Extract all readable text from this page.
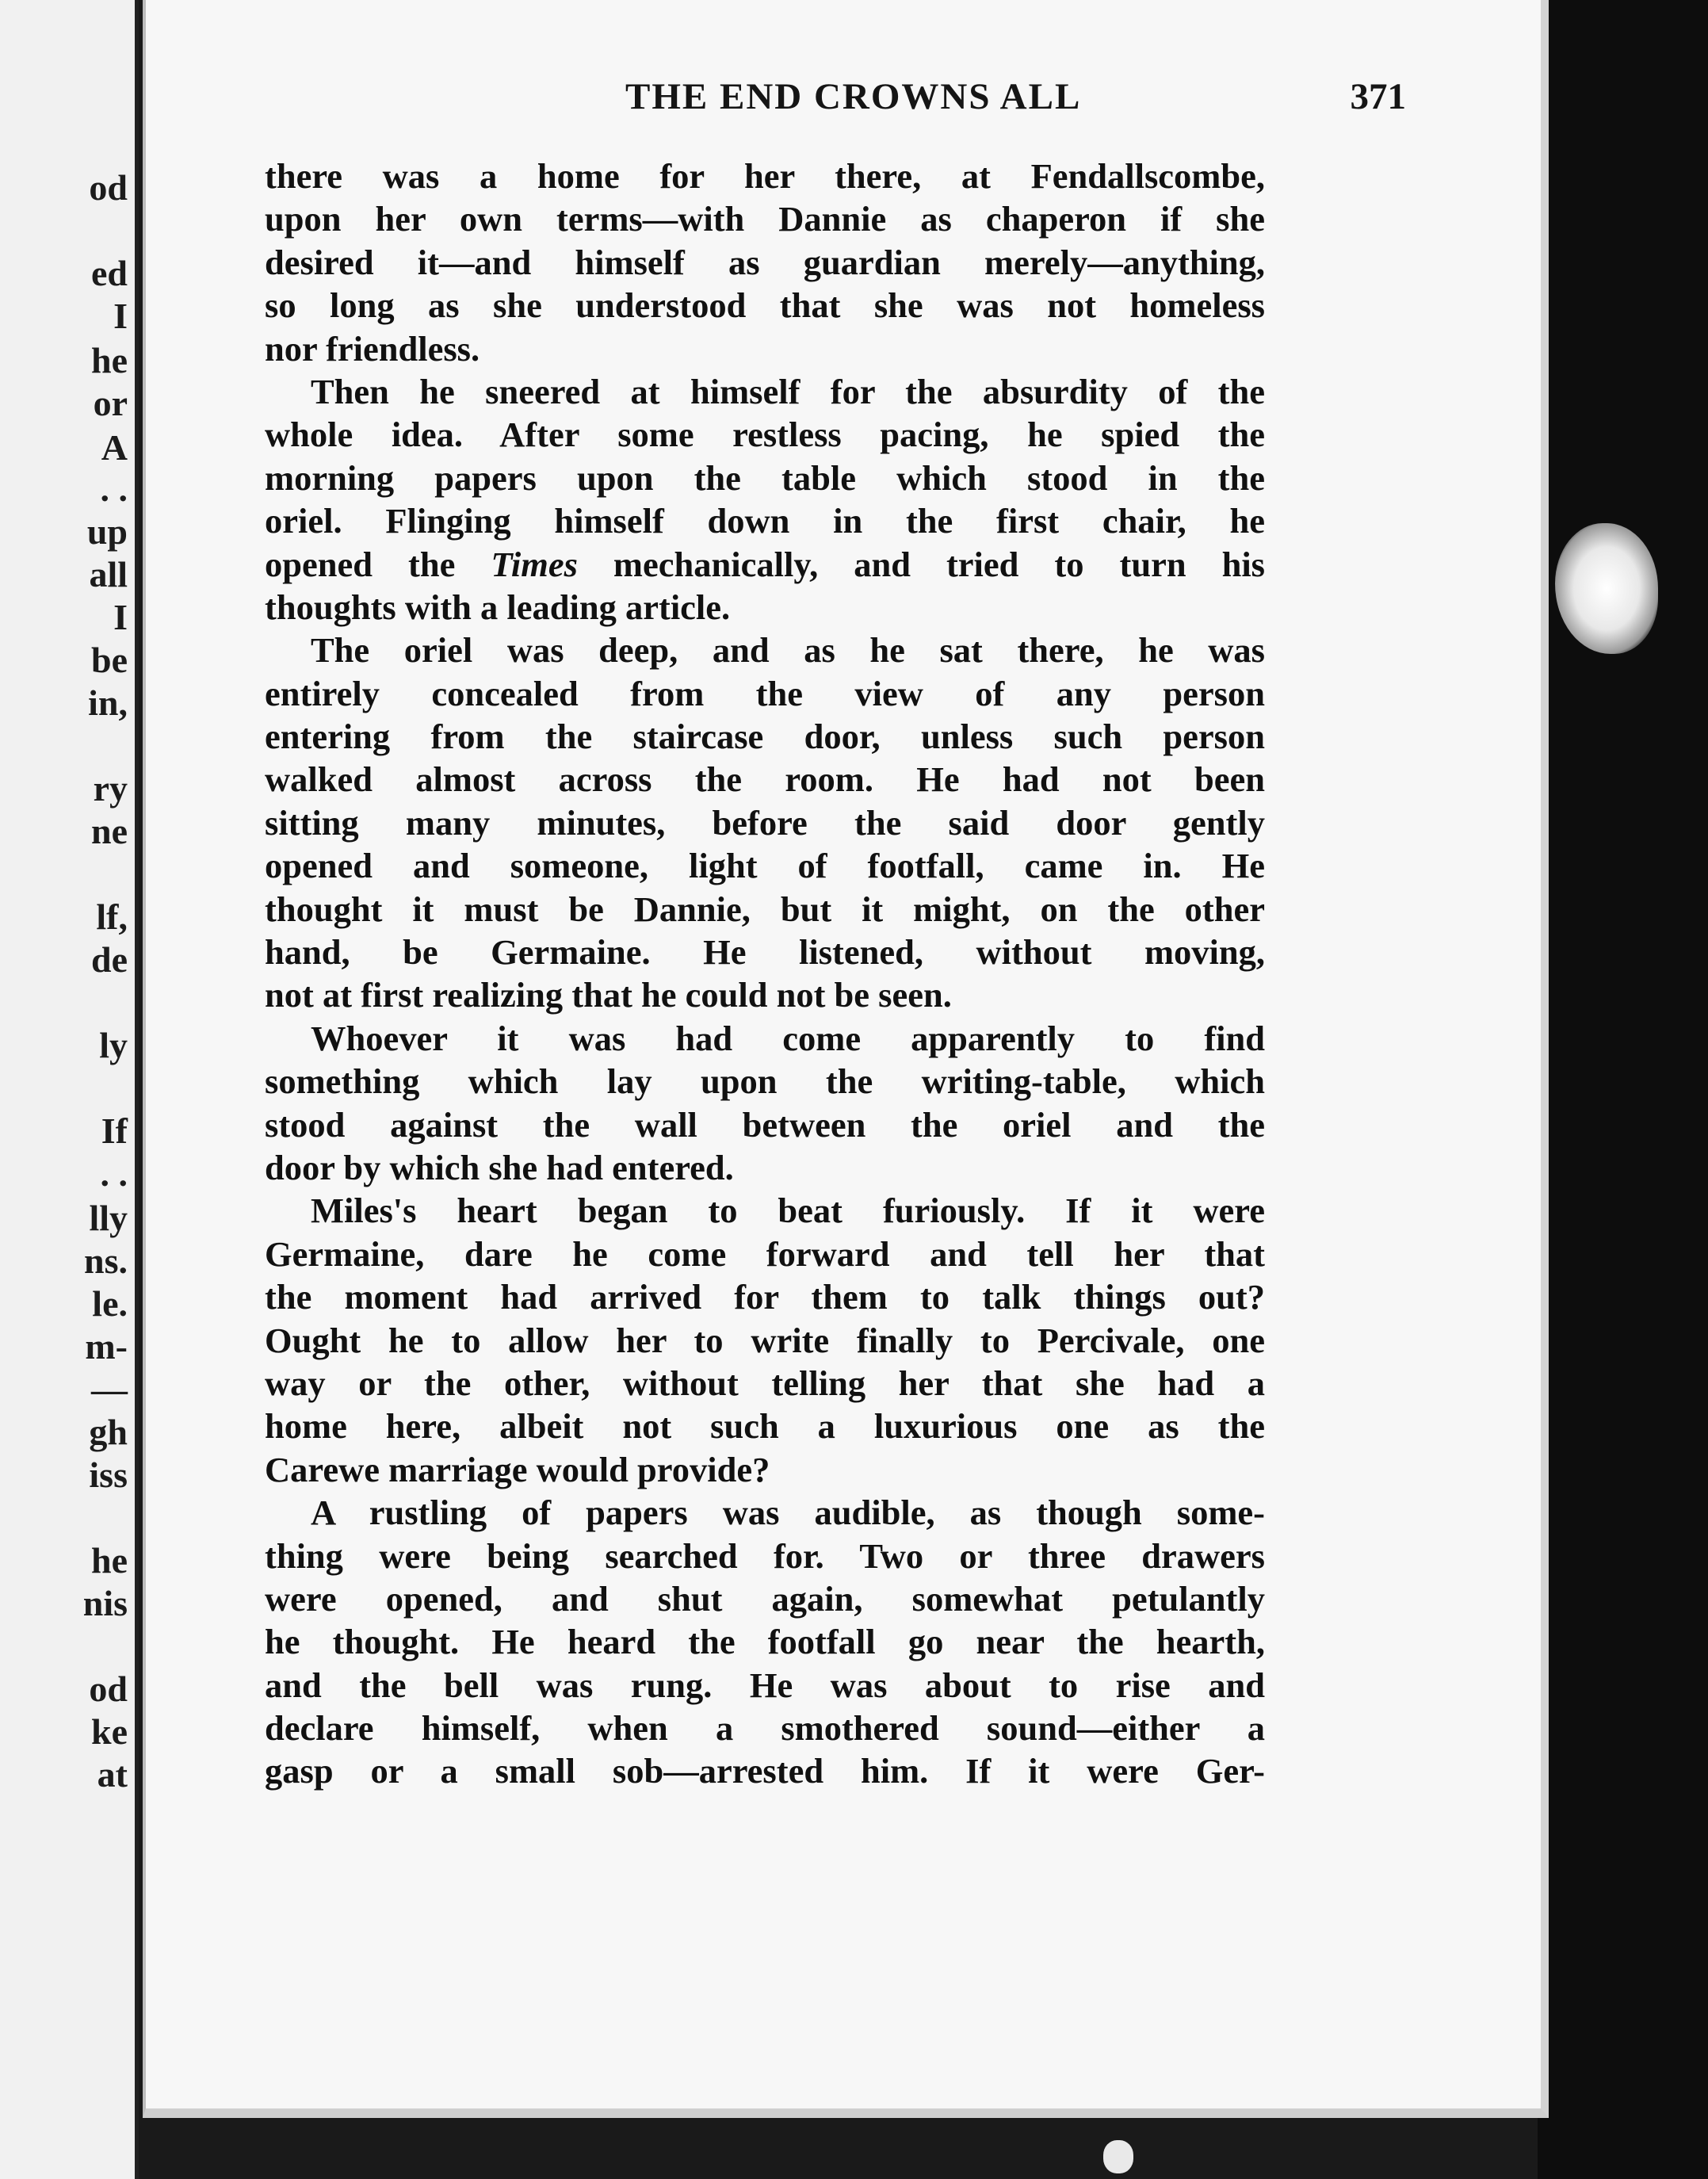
od
ed
I
he
or
A
. .
up
all
I
be
in,
ry
ne
lf,
de
ly
If
. .
lly
ns.
le.
m-
—
gh
iss
he
nis
od
ke
at
THE END CROWNS ALL	371
there was a home for her there, at Fendallscombe,
upon her own terms—with Dannie as chaperon if she
desired it—and himself as guardian merely—anything,
so long as she understood that she was not homeless
nor friendless.
Then he sneered at himself for the absurdity of the
whole idea. After some restless pacing, he spied the
morning papers upon the table which stood in the
oriel. Flinging himself down in the first chair, he
opened the Times mechanically, and tried to turn his
thoughts with a leading article.
The oriel was deep, and as he sat there, he was
entirely concealed from the view of any person
entering from the staircase door, unless such person
walked almost across the room. He had not been
sitting many minutes, before the said door gently
opened and someone, light of footfall, came in. He
thought it must be Dannie, but it might, on the other
hand, be Germaine. He listened, without moving,
not at first realizing that he could not be seen.
Whoever it was had come apparently to find
something which lay upon the writing-table, which
stood against the wall between the oriel and the
door by which she had entered.
Miles's heart began to beat furiously. If it were
Germaine, dare he come forward and tell her that
the moment had arrived for them to talk things out?
Ought he to allow her to write finally to Percivale, one
way or the other, without telling her that she had a
home here, albeit not such a luxurious one as the
Carewe marriage would provide?
A rustling of papers was audible, as though some-
thing were being searched for. Two or three drawers
were opened, and shut again, somewhat petulantly
he thought. He heard the footfall go near the hearth,
and the bell was rung. He was about to rise and
declare himself, when a smothered sound—either a
gasp or a small sob—arrested him. If it were Ger-
